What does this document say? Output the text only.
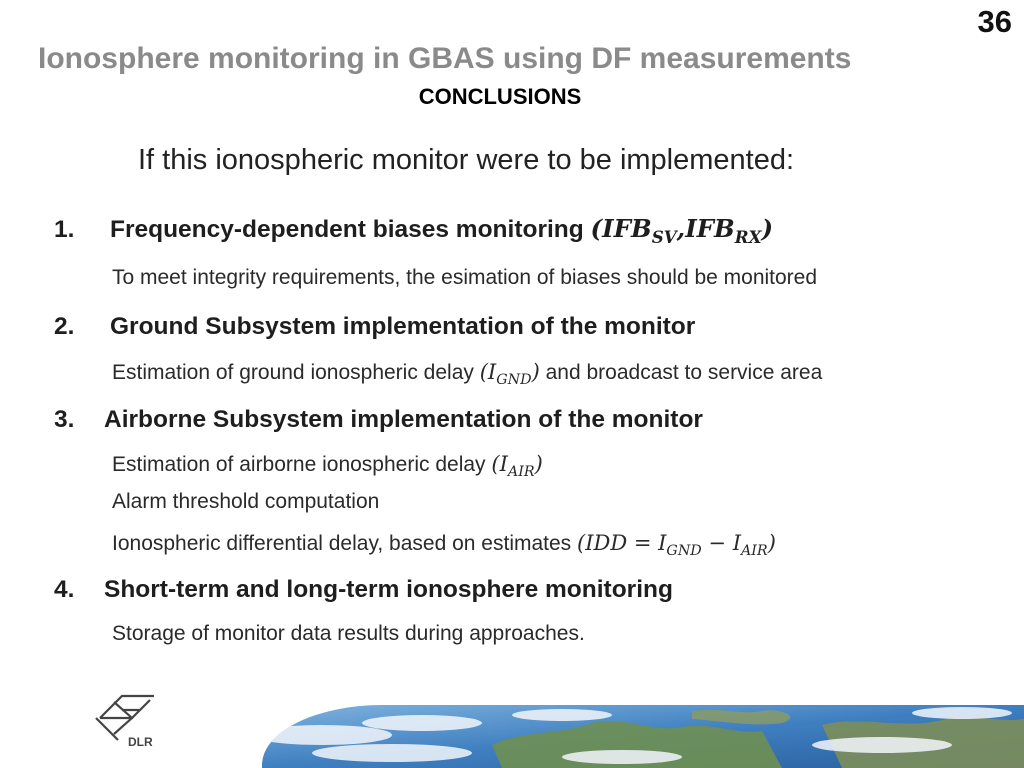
36
Ionosphere monitoring in GBAS using DF measurements
CONCLUSIONS
If this ionospheric monitor were to be implemented:
1. Frequency-dependent biases monitoring $(IFB_{SV},IFB_{RX})$
To meet integrity requirements, the esimation of biases should be monitored
2. Ground Subsystem implementation of the monitor
Estimation of ground ionospheric delay $(I_{GND})$ and broadcast to service area
3. Airborne Subsystem implementation of the monitor
Estimation of airborne ionospheric delay $(I_{AIR})$
Alarm threshold computation
Ionospheric differential delay, based on estimates $(IDD = I_{GND} - I_{AIR})$
4. Short-term and long-term ionosphere monitoring
Storage of monitor data results during approaches.
DLR
